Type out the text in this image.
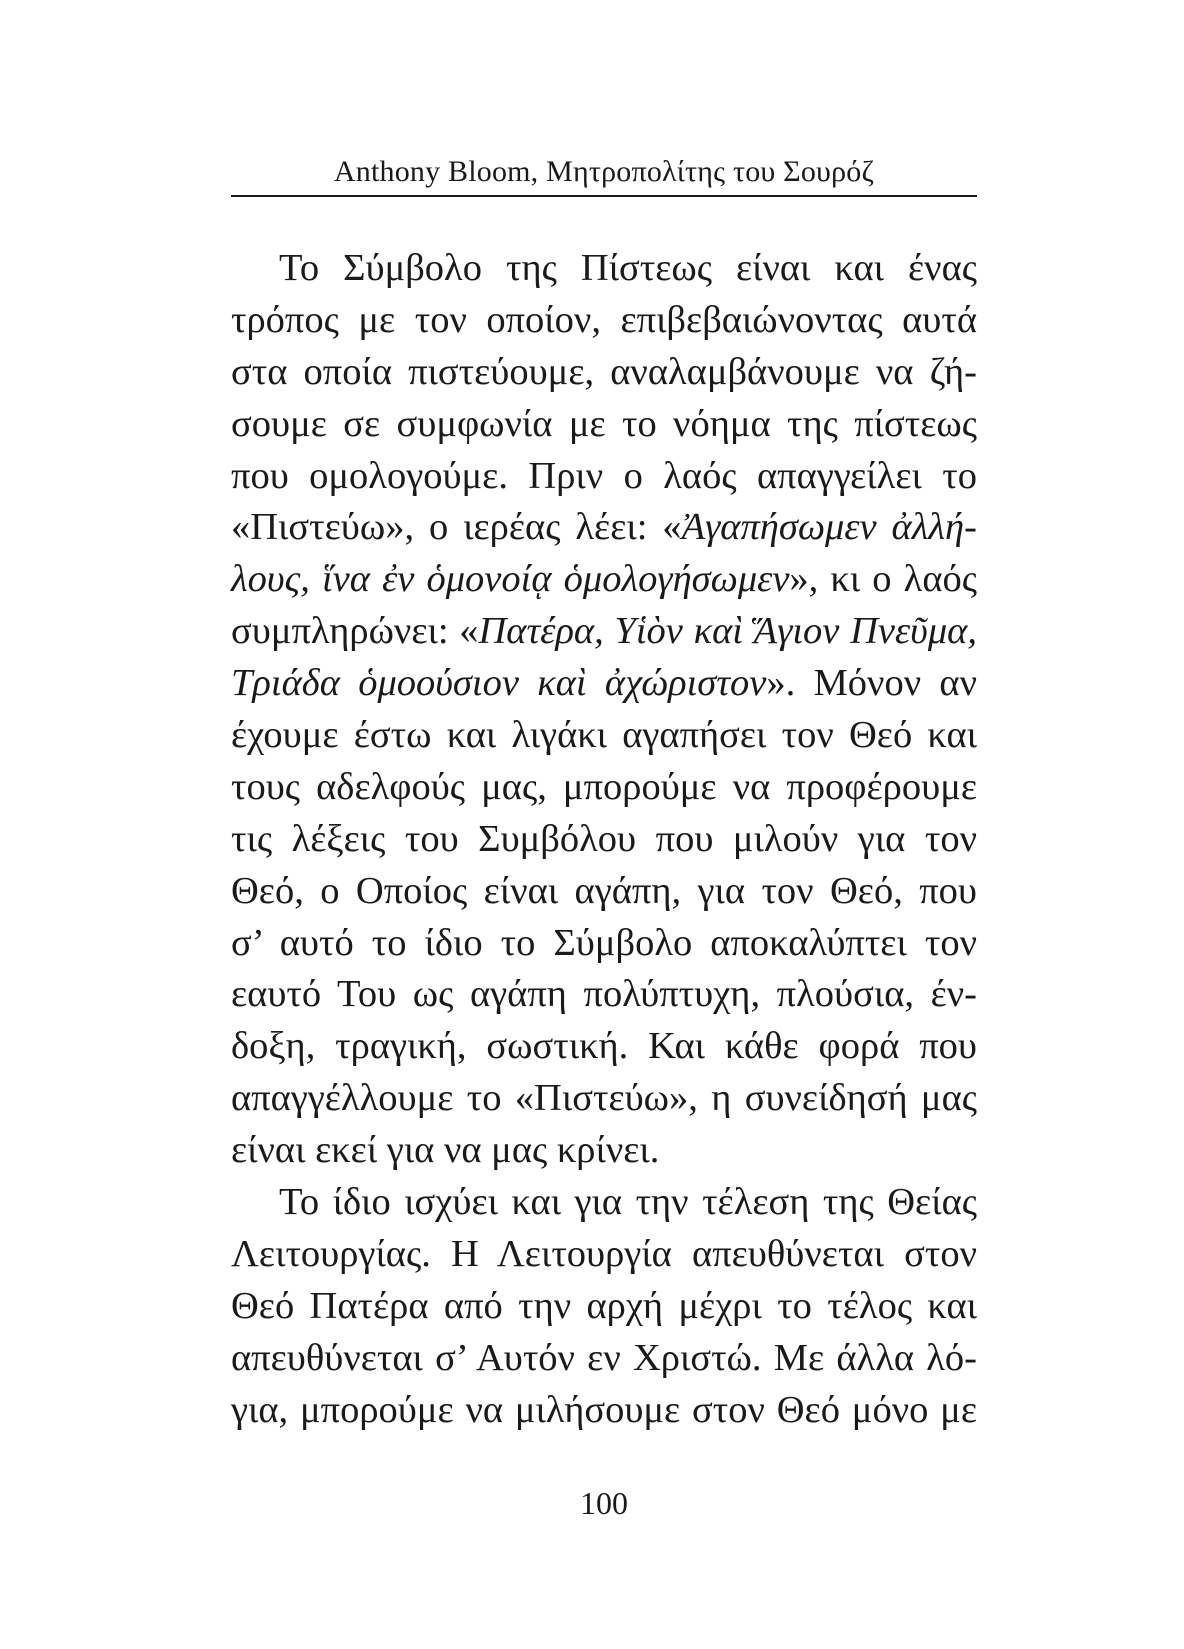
Anthony Bloom, Μητροπολίτης του Σουρόζ
Το Σύμβολο της Πίστεως είναι και ένας
τρόπος με τον οποίον, επιβεβαιώνοντας αυτά
στα οποία πιστεύουμε, αναλαμβάνουμε να ζή-
σουμε σε συμφωνία με το νόημα της πίστεως
που ομολογούμε. Πριν ο λαός απαγγείλει το
«Πιστεύω», ο ιερέας λέει: «Ἀγαπήσωμεν ἀλλή-
λους, ἵνα ἐν ὁμονοίᾳ ὁμολογήσωμεν», κι ο λαός
συμπληρώνει: «Πατέρα, Υἱὸν καὶ Ἅγιον Πνεῦμα,
Τριάδα ὁμοούσιον καὶ ἀχώριστον». Μόνον αν
έχουμε έστω και λιγάκι αγαπήσει τον Θεό και
τους αδελφούς μας, μπορούμε να προφέρουμε
τις λέξεις του Συμβόλου που μιλούν για τον
Θεό, ο Οποίος είναι αγάπη, για τον Θεό, που
σ’ αυτό το ίδιο το Σύμβολο αποκαλύπτει τον
εαυτό Του ως αγάπη πολύπτυχη, πλούσια, έν-
δοξη, τραγική, σωστική. Και κάθε φορά που
απαγγέλλουμε το «Πιστεύω», η συνείδησή μας
είναι εκεί για να μας κρίνει.
Το ίδιο ισχύει και για την τέλεση της Θείας
Λειτουργίας. Η Λειτουργία απευθύνεται στον
Θεό Πατέρα από την αρχή μέχρι το τέλος και
απευθύνεται σ’ Αυτόν εν Χριστώ. Με άλλα λό-
για, μπορούμε να μιλήσουμε στον Θεό μόνο με
100
